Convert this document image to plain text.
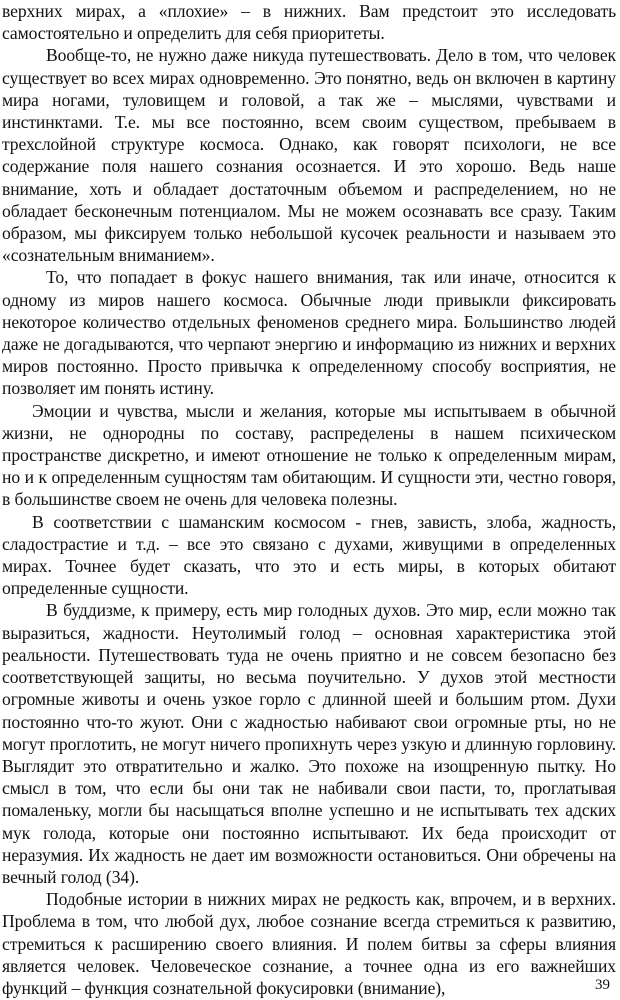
верхних мирах, а «плохие» – в нижних. Вам предстоит это исследовать самостоятельно и определить для себя приоритеты.

Вообще-то, не нужно даже никуда путешествовать. Дело в том, что человек существует во всех мирах одновременно. Это понятно, ведь он включен в картину мира ногами, туловищем и головой, а так же – мыслями, чувствами и инстинктами. Т.е. мы все постоянно, всем своим существом, пребываем в трехслойной структуре космоса. Однако, как говорят психологи, не все содержание поля нашего сознания осознается. И это хорошо. Ведь наше внимание, хоть и обладает достаточным объемом и распределением, но не обладает бесконечным потенциалом. Мы не можем осознавать все сразу. Таким образом, мы фиксируем только небольшой кусочек реальности и называем это «сознательным вниманием».

То, что попадает в фокус нашего внимания, так или иначе, относится к одному из миров нашего космоса. Обычные люди привыкли фиксировать некоторое количество отдельных феноменов среднего мира. Большинство людей даже не догадываются, что черпают энергию и информацию из нижних и верхних миров постоянно. Просто привычка к определенному способу восприятия, не позволяет им понять истину.

Эмоции и чувства, мысли и желания, которые мы испытываем в обычной жизни, не однородны по составу, распределены в нашем психическом пространстве дискретно, и имеют отношение не только к определенным мирам, но и к определенным сущностям там обитающим. И сущности эти, честно говоря, в большинстве своем не очень для человека полезны.

В соответствии с шаманским космосом - гнев, зависть, злоба, жадность, сладострастие и т.д. – все это связано с духами, живущими в определенных мирах. Точнее будет сказать, что это и есть миры, в которых обитают определенные сущности.

В буддизме, к примеру, есть мир голодных духов. Это мир, если можно так выразиться, жадности. Неутолимый голод – основная характеристика этой реальности. Путешествовать туда не очень приятно и не совсем безопасно без соответствующей защиты, но весьма поучительно. У духов этой местности огромные животы и очень узкое горло с длинной шеей и большим ртом. Духи постоянно что-то жуют. Они с жадностью набивают свои огромные рты, но не могут проглотить, не могут ничего пропихнуть через узкую и длинную горловину. Выглядит это отвратительно и жалко. Это похоже на изощренную пытку. Но смысл в том, что если бы они так не набивали свои пасти, то, проглатывая помаленьку, могли бы насыщаться вполне успешно и не испытывать тех адских мук голода, которые они постоянно испытывают. Их беда происходит от неразумия. Их жадность не дает им возможности остановиться. Они обречены на вечный голод (34).

Подобные истории в нижних мирах не редкость как, впрочем, и в верхних. Проблема в том, что любой дух, любое сознание всегда стремиться к развитию, стремиться к расширению своего влияния. И полем битвы за сферы влияния является человек. Человеческое сознание, а точнее одна из его важнейших функций – функция сознательной фокусировки (внимание),	39
